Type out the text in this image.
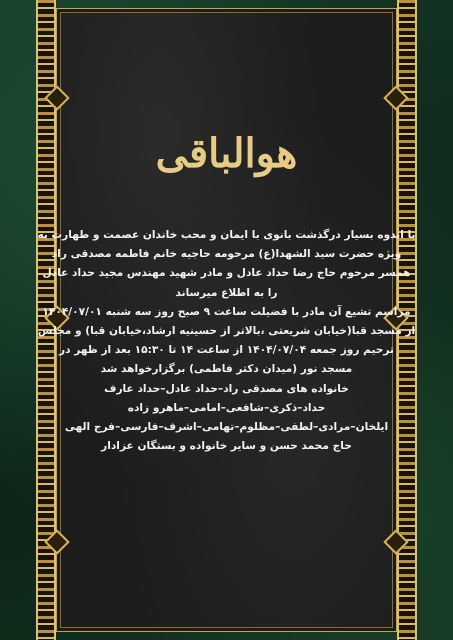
هوالباقی
با اندوه بسیار درگذشت بانوی با ایمان و محب خاندان عصمت و طهارت به
ویژه حضرت سید الشهدا(ع) مرحومه حاجیه خانم فاطمه مصدقی راد
همسر مرحوم حاج رضا حداد عادل و مادر شهید مهندس مجید حداد عادل
را به اطلاع میرساند
مراسم تشیع آن مادر با فضیلت ساعت ۹ صبح روز سه شنبه ۱۴۰۴/۰۷/۰۱
از مسجد قبا(خیابان شریعتی ،بالاتر از حسینیه ارشاد،خیابان قبا) و مجلس
ترحیم روز جمعه ۱۴۰۴/۰۷/۰۴ از ساعت ۱۴ تا ۱۵:۳۰ بعد از ظهر در
مسجد نور (میدان دکتر فاطمی) برگزارخواهد شد
خانواده های مصدقی راد–حداد عادل–حداد عارف
حداد–ذکری–شافعی–امامی–ماهرو زاده
ایلخان–مرادی–لطفی–مظلوم–تهامی–اشرف–فارسی–فرج الهی
حاج محمد حسن و سایر خانواده و بستگان عزادار
